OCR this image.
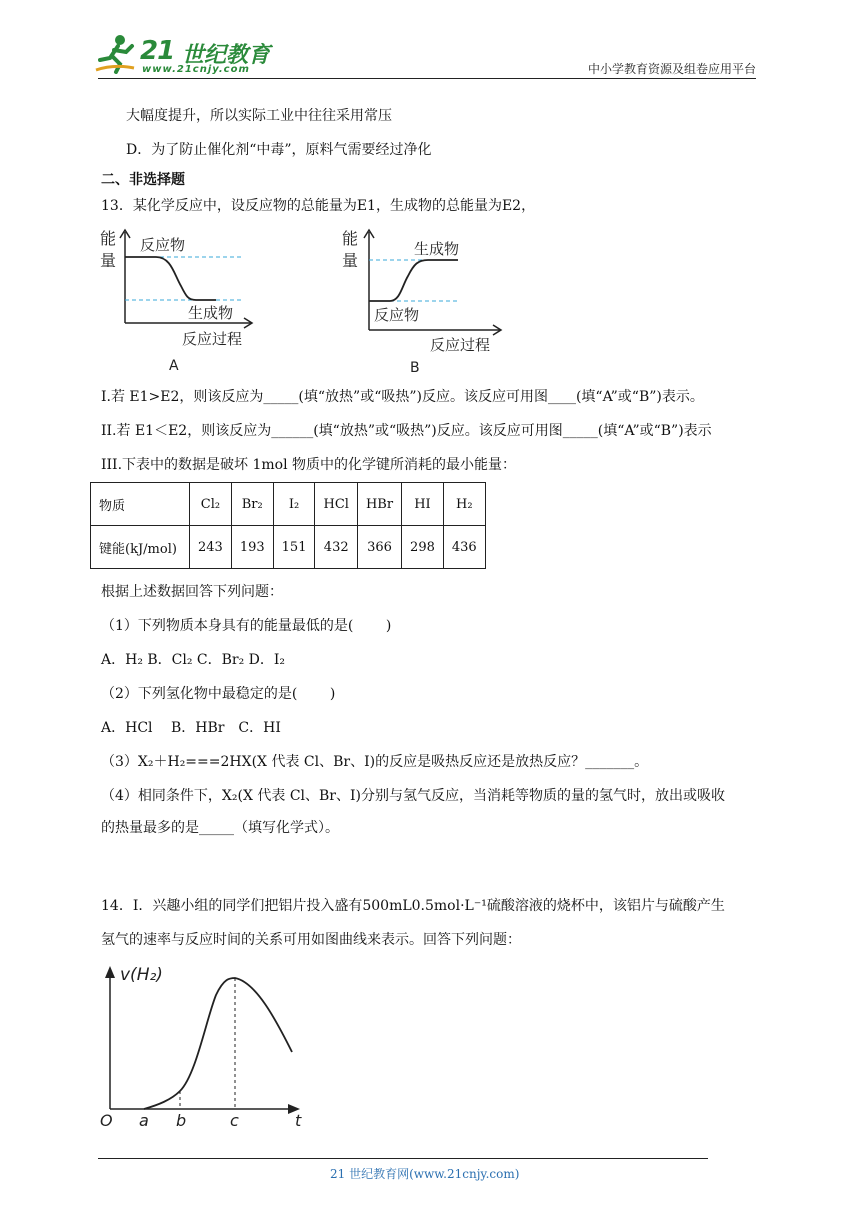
21 世纪教育
www.21cnjy.com	中小学教育资源及组卷应用平台
大幅度提升，所以实际工业中往往采用常压
D．为了防止催化剂“中毒”，原料气需要经过净化
二、非选择题
13．某化学反应中，设反应物的总能量为E1，生成物的总能量为E2，
能
量
反应物
生成物
反应过程
A
能
量
生成物
反应物
反应过程
B
I.若 E1>E2，则该反应为_____(填“放热”或“吸热”)反应。该反应可用图____(填“A”或“B”)表示。
II.若 E1＜E2，则该反应为______(填“放热”或“吸热”)反应。该反应可用图_____(填“A”或“B”)表示
III.下表中的数据是破坏 1mol 物质中的化学键所消耗的最小能量：
物质	Cl₂	Br₂	I₂	HCl	HBr	HI	H₂
键能(kJ/mol)	243	193	151	432	366	298	436
根据上述数据回答下列问题：
（1）下列物质本身具有的能量最低的是(　　 )
A．H₂ B．Cl₂ C．Br₂ D．I₂
（2）下列氢化物中最稳定的是(　　 )
A．HCl　 B．HBr　C．HI
（3）X₂＋H₂===2HX(X 代表 Cl、Br、I)的反应是吸热反应还是放热反应？_______。
（4）相同条件下，X₂(X 代表 Cl、Br、I)分别与氢气反应，当消耗等物质的量的氢气时，放出或吸收
的热量最多的是_____（填写化学式）。
14．Ⅰ．兴趣小组的同学们把铝片投入盛有500mL0.5mol·L⁻¹硫酸溶液的烧杯中，该铝片与硫酸产生
氢气的速率与反应时间的关系可用如图曲线来表示。回答下列问题：
v(H₂)
O a b	c	t
21 世纪教育网(www.21cnjy.com)
